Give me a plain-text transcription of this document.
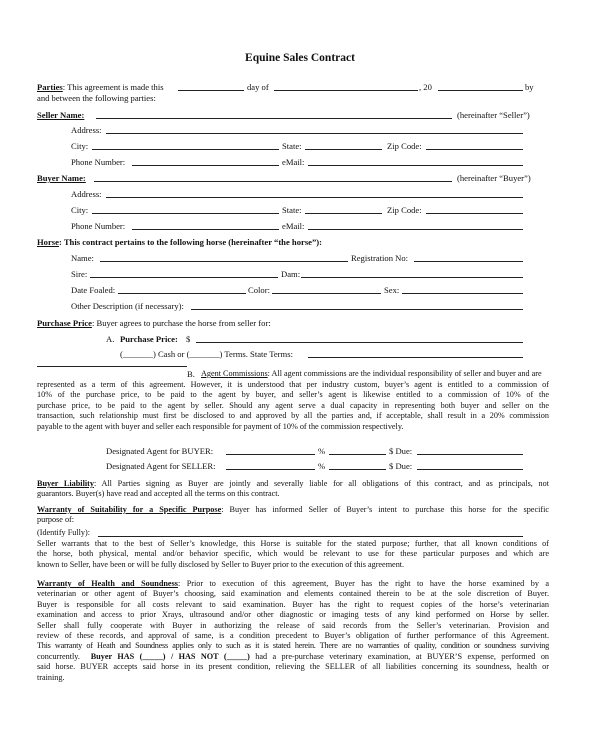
Equine Sales Contract
Parties: This agreement is made this	day of	, 20	by
and between the following parties:
Seller Name:	(hereinafter “Seller”)
Address:
City:	State:	Zip Code:
Phone Number:	eMail:
Buyer Name:	(hereinafter “Buyer”)
Address:
City:	State:	Zip Code:
Phone Number:	eMail:
Horse: This contract pertains to the following horse (hereinafter “the horse”):
Name:	Registration No:
Sire:	Dam:
Date Foaled:	Color:	Sex:
Other Description (if necessary):
Purchase Price: Buyer agrees to purchase the horse from seller for:
A. Purchase Price: $
(_______) Cash or (_______) Terms. State Terms:
B. Agent Commissions: All agent commissions are the individual responsibility of seller and buyer and are
represented as a term of this agreement. However, it is understood that per industry custom, buyer’s agent is entitled to a commission of
10% of the purchase price, to be paid to the agent by buyer, and seller’s agent is likewise entitled to a commission of 10% of the
purchase price, to be paid to the agent by seller. Should any agent serve a dual capacity in representing both buyer and seller on the
transaction, such relationship must first be disclosed to and approved by all the parties and, if acceptable, shall result in a 20% commission
payable to the agent with buyer and seller each responsible for payment of 10% of the commission respectively.
Designated Agent for BUYER:	%	$ Due:
Designated Agent for SELLER:	%	$ Due:
Buyer Liability: All Parties signing as Buyer are jointly and severally liable for all obligations of this contract, and as principals, not
guarantors. Buyer(s) have read and accepted all the terms on this contract.
Warranty of Suitability for a Specific Purpose: Buyer has informed Seller of Buyer’s intent to purchase this horse for the specific
purpose of:
(Identify Fully):
Seller warrants that to the best of Seller’s knowledge, this Horse is suitable for the stated purpose; further, that all known conditions of
the horse, both physical, mental and/or behavior specific, which would be relevant to use for these particular purposes and which are
known to Seller, have been or will be fully disclosed by Seller to Buyer prior to the execution of this agreement.
Warranty of Health and Soundness: Prior to execution of this agreement, Buyer has the right to have the horse examined by a
veterinarian or other agent of Buyer’s choosing, said examination and elements contained therein to be at the sole discretion of Buyer.
Buyer is responsible for all costs relevant to said examination. Buyer has the right to request copies of the horse’s veterinarian
examination and access to prior Xrays, ultrasound and/or other diagnostic or imaging tests of any kind performed on Horse by seller.
Seller shall fully cooperate with Buyer in authorizing the release of said records from the Seller’s veterinarian. Provision and
review of these records, and approval of same, is a condition precedent to Buyer’s obligation of further performance of this Agreement.
This warranty of Heath and Soundness applies only to such as it is stated herein. There are no warranties of quality, condition or soundness surviving
concurrently. Buyer HAS (_____) / HAS NOT (_____) had a pre-purchase veterinary examination, at BUYER’S expense, performed on
said horse. BUYER accepts said horse in its present condition, relieving the SELLER of all liabilities concerning its soundness, health or
training.
